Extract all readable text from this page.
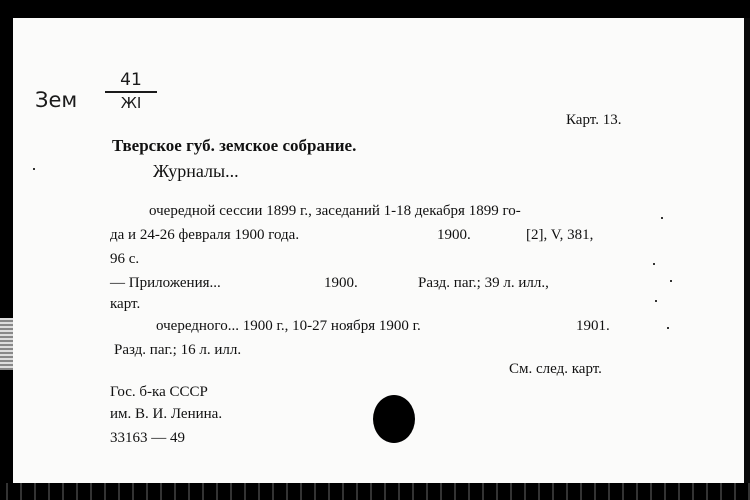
Зем
41
ЖI
Карт. 13.
Тверское губ. земское собрание.
Журналы...
очередной сессии 1899 г., заседаний 1-18 декабря 1899 го-
да и 24-26 февраля 1900 года.	1900.	[2], V, 381,
96 с.
— Приложения...	1900.	Разд. паг.; 39 л. илл.,
карт.
очередного... 1900 г., 10-27 ноября 1900 г.	1901.
Разд. паг.; 16 л. илл.
См. след. карт.
Гос. б-ка СССР
им. В. И. Ленина.
33163 — 49
